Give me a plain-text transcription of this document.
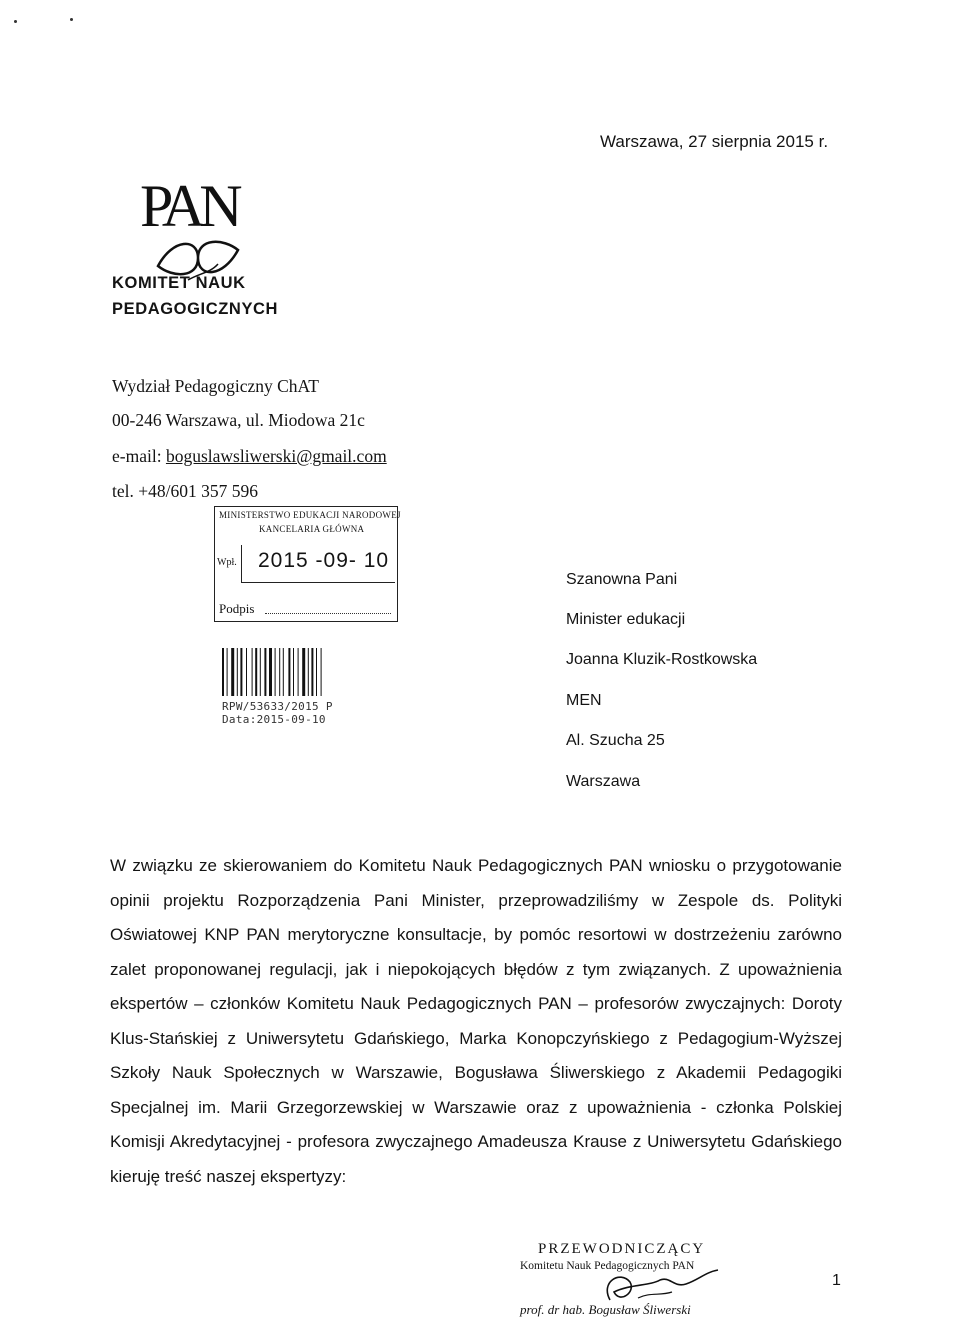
Warszawa, 27 sierpnia 2015 r.
PAN
KOMITET NAUK
PEDAGOGICZNYCH
Wydział Pedagogiczny ChAT
00-246 Warszawa, ul. Miodowa 21c
e-mail: boguslawsliwerski@gmail.com
tel. +48/601 357 596
MINISTERSTWO EDUKACJI NARODOWEJ
KANCELARIA GŁÓWNA
Wpł. 2015 -09- 10
Podpis
RPW/53633/2015 P
Data:2015-09-10
Szanowna Pani
Minister edukacji
Joanna Kluzik-Rostkowska
MEN
Al. Szucha 25
Warszawa
W związku ze skierowaniem do Komitetu Nauk Pedagogicznych PAN wniosku o przygotowanie opinii projektu Rozporządzenia Pani Minister, przeprowadziliśmy w Zespole ds. Polityki Oświatowej KNP PAN merytoryczne konsultacje, by pomóc resortowi w dostrzeżeniu zarówno zalet proponowanej regulacji, jak i niepokojących błędów z tym związanych. Z upoważnienia ekspertów – członków Komitetu Nauk Pedagogicznych PAN – profesorów zwyczajnych: Doroty Klus-Stańskiej z Uniwersytetu Gdańskiego, Marka Konopczyńskiego z Pedagogium-Wyższej Szkoły Nauk Społecznych w Warszawie, Bogusława Śliwerskiego z Akademii Pedagogiki Specjalnej im. Marii Grzegorzewskiej w Warszawie oraz z upoważnienia - członka Polskiej Komisji Akredytacyjnej - profesora zwyczajnego Amadeusza Krause z Uniwersytetu Gdańskiego kieruję treść naszej ekspertyzy:
PRZEWODNICZĄCY
Komitetu Nauk Pedagogicznych PAN
prof. dr hab. Bogusław Śliwerski
1
